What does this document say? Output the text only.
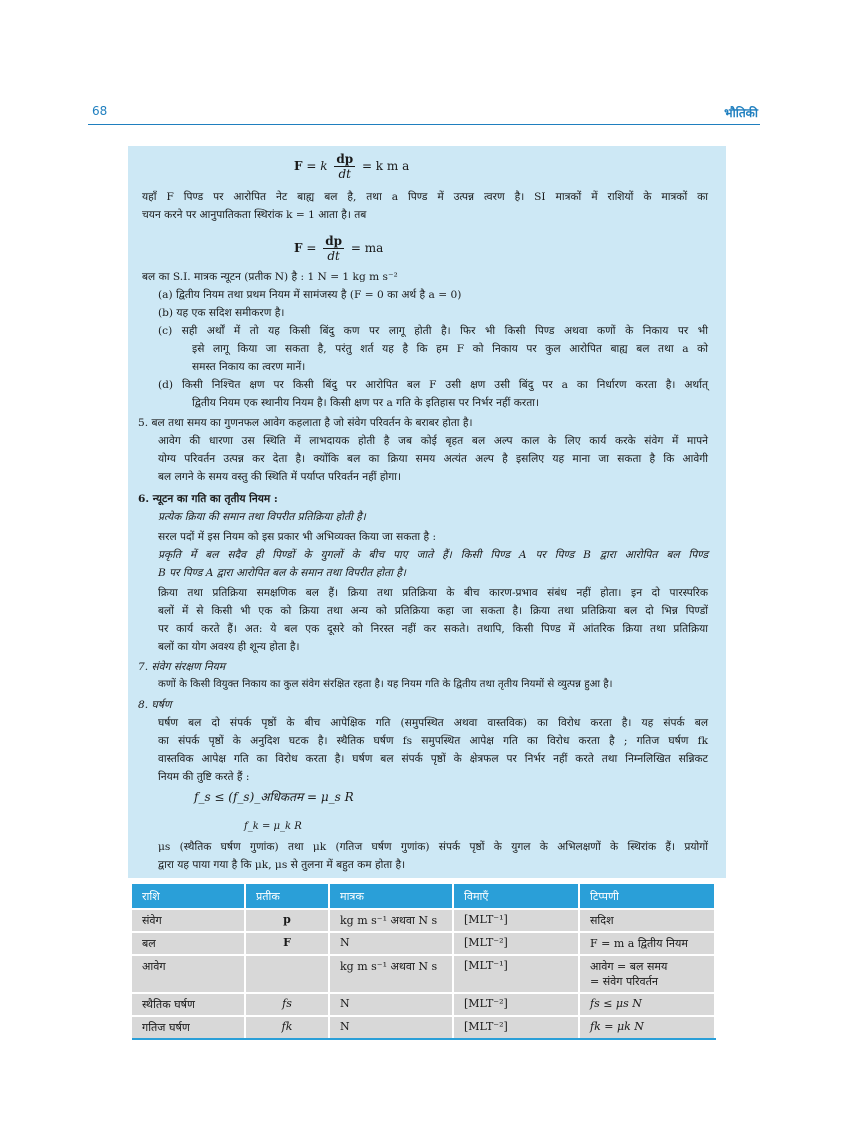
68	भौतिकी
F = k $\frac{dp}{dt} = k$ m a
यहाँ F पिण्ड पर आरोपित नेट बाह्य बल है, तथा a पिण्ड में उत्पन्न त्वरण है। SI मात्रकों में राशियों के मात्रकों का
चयन करने पर आनुपातिकता स्थिरांक k = 1 आता है। तब
$F = \frac{dp}{dt}$ = ma
बल का S.I. मात्रक न्यूटन (प्रतीक N) है : 1 N = 1 kg m s⁻²
(a) द्वितीय नियम तथा प्रथम नियम में सामंजस्य है (F = 0 का अर्थ है a = 0)
(b) यह एक सदिश समीकरण है।
(c) सही अर्थों में तो यह किसी बिंदु कण पर लागू होती है। फिर भी किसी पिण्ड अथवा कणों के निकाय पर भी
इसे लागू किया जा सकता है, परंतु शर्त यह है कि हम F को निकाय पर कुल आरोपित बाह्य बल तथा a को
समस्त निकाय का त्वरण मानें।
(d) किसी निश्चित क्षण पर किसी बिंदु पर आरोपित बल F उसी क्षण उसी बिंदु पर a का निर्धारण करता है। अर्थात्
द्वितीय नियम एक स्थानीय नियम है। किसी क्षण पर a गति के इतिहास पर निर्भर नहीं करता।
5. बल तथा समय का गुणनफल आवेग कहलाता है जो संवेग परिवर्तन के बराबर होता है।
आवेग की धारणा उस स्थिति में लाभदायक होती है जब कोई बृहत बल अल्प काल के लिए कार्य करके संवेग में मापने
योग्य परिवर्तन उत्पन्न कर देता है। क्योंकि बल का क्रिया समय अत्यंत अल्प है इसलिए यह माना जा सकता है कि आवेगी
बल लगने के समय वस्तु की स्थिति में पर्याप्त परिवर्तन नहीं होगा।
6. न्यूटन का गति का तृतीय नियम :
प्रत्येक क्रिया की समान तथा विपरीत प्रतिक्रिया होती है।
सरल पदों में इस नियम को इस प्रकार भी अभिव्यक्त किया जा सकता है :
प्रकृति में बल सदैव ही पिण्डों के युगलों के बीच पाए जाते हैं। किसी पिण्ड A पर पिण्ड B द्वारा आरोपित बल पिण्ड
B पर पिण्ड A द्वारा आरोपित बल के समान तथा विपरीत होता है।
क्रिया तथा प्रतिक्रिया समक्षणिक बल हैं। क्रिया तथा प्रतिक्रिया के बीच कारण-प्रभाव संबंध नहीं होता। इन दो पारस्परिक
बलों में से किसी भी एक को क्रिया तथा अन्य को प्रतिक्रिया कहा जा सकता है। क्रिया तथा प्रतिक्रिया बल दो भिन्न पिण्डों
पर कार्य करते हैं। अत: ये बल एक दूसरे को निरस्त नहीं कर सकते। तथापि, किसी पिण्ड में आंतरिक क्रिया तथा प्रतिक्रिया
बलों का योग अवश्य ही शून्य होता है।
7. संवेग संरक्षण नियम
कणों के किसी वियुक्त निकाय का कुल संवेग संरक्षित रहता है। यह नियम गति के द्वितीय तथा तृतीय नियमों से व्युत्पन्न हुआ है।
8. घर्षण
घर्षण बल दो संपर्क पृष्ठों के बीच आपेक्षिक गति (समुपस्थित अथवा वास्तविक) का विरोध करता है। यह संपर्क बल
का संपर्क पृष्ठों के अनुदिश घटक है। स्थैतिक घर्षण fs समुपस्थित आपेक्ष गति का विरोध करता है ; गतिज घर्षण fk
वास्तविक आपेक्ष गति का विरोध करता है। घर्षण बल संपर्क पृष्ठों के क्षेत्रफल पर निर्भर नहीं करते तथा निम्नलिखित सन्निकट
नियम की तुष्टि करते हैं :
f_s ≤ (f_s)_अधिकतम = μ_s R
f_k = μ_k R
μs (स्थैतिक घर्षण गुणांक) तथा μk (गतिज घर्षण गुणांक) संपर्क पृष्ठों के युगल के अभिलक्षणों के स्थिरांक हैं। प्रयोगों
द्वारा यह पाया गया है कि μk, μs से तुलना में बहुत कम होता है।
राशि	प्रतीक	मात्रक	विमाएँ	टिप्पणी
संवेग	p	kg m s⁻¹ अथवा N s	[MLT⁻¹]	सदिश
बल	F	N	[MLT⁻²]	F = m a द्वितीय नियम
आवेग		kg m s⁻¹ अथवा N s	[MLT⁻¹]	आवेग = बल समय
= संवेग परिवर्तन
स्थैतिक घर्षण	fs	N	[MLT⁻²]	fs ≤ μs N
गतिज घर्षण	fk	N	[MLT⁻²]	fk = μk N
